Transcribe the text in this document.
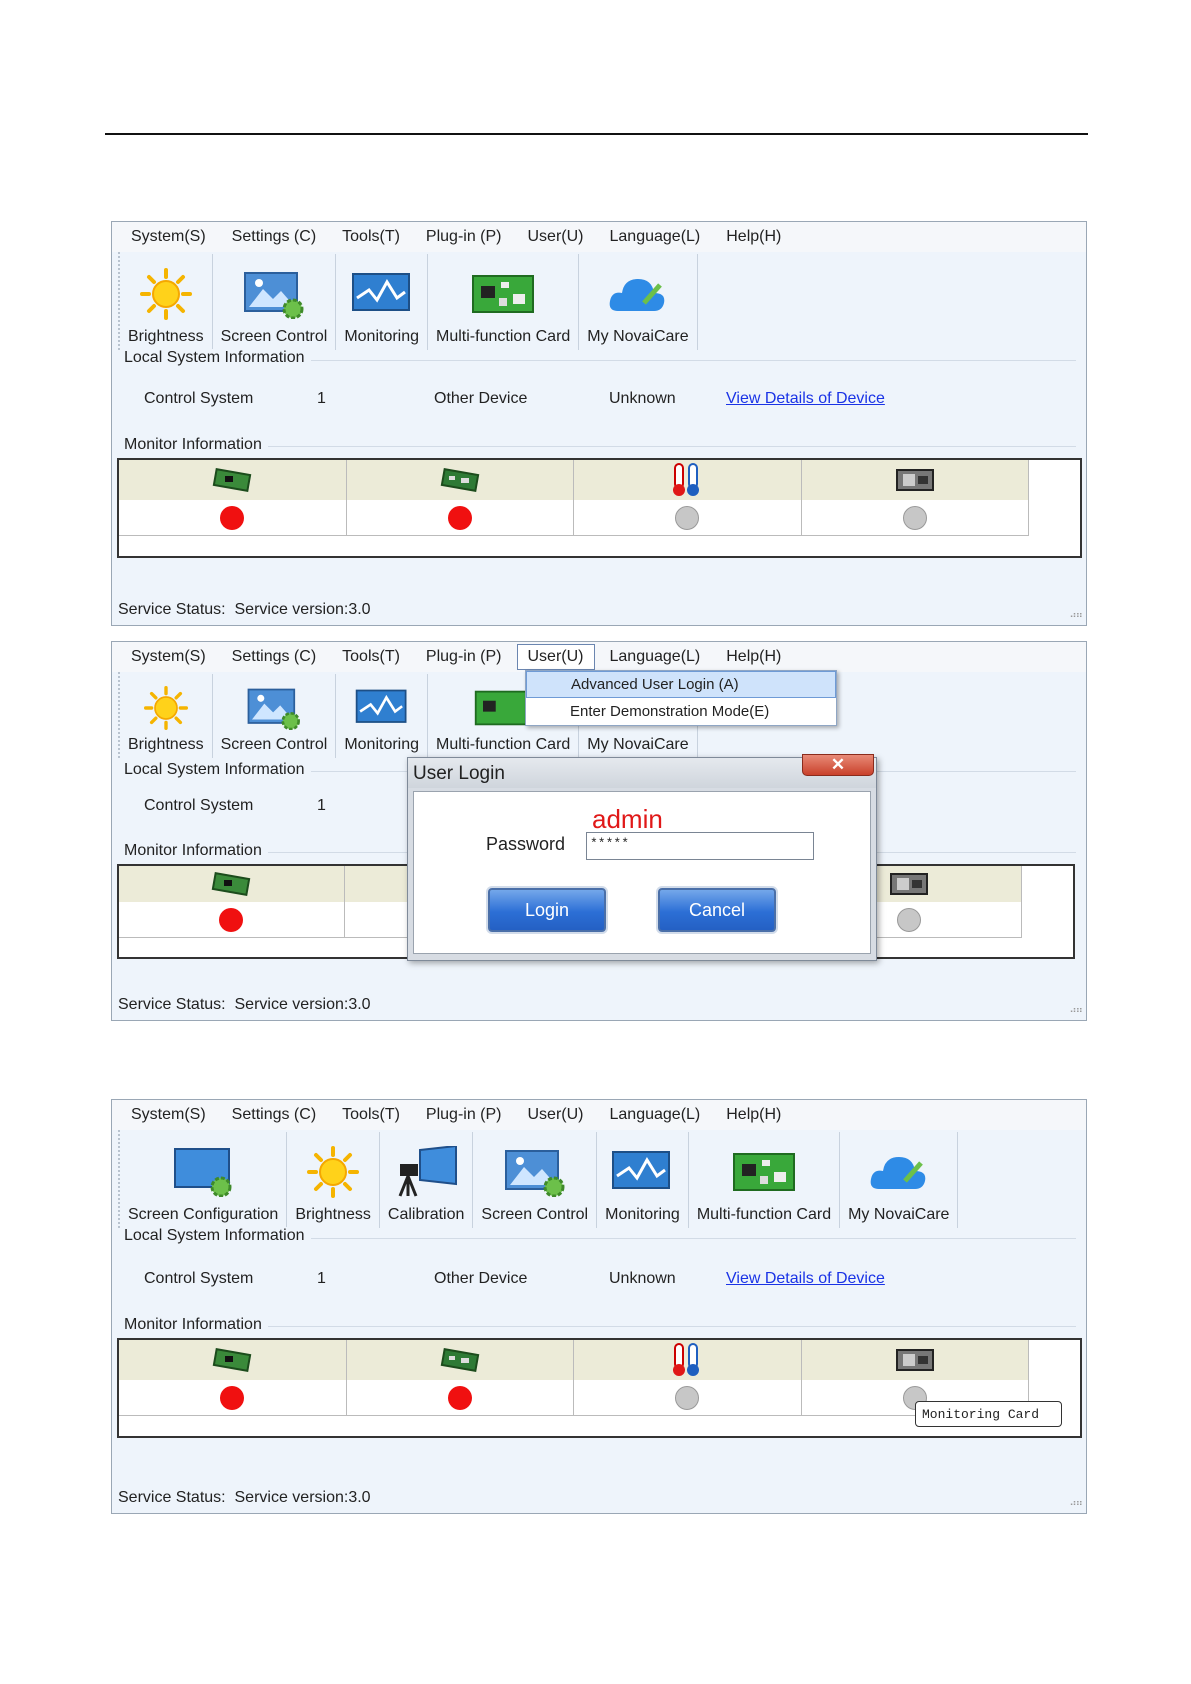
System(S)	Settings (C)	Tools(T)	Plug-in (P)	User(U)	Language(L)	Help(H)
Brightness Screen Control Monitoring Multi-function Card My NovaiCare
Local System Information
Control System	1	Other Device	Unknown	View Details of Device
Monitor Information
Service Status: Service version:3.0	⠴⠶
System(S)	Settings (C)	Tools(T)	Plug-in (P)	User(U)	Language(L)	Help(H)
Advanced User Login (A)
Enter Demonstration Mode(E)
Brightness Screen Control Monitoring Multi-function Card My NovaiCare
Local System Information
Control System	1
Monitor Information
User Login	✕
admin
Password	*****
Login	Cancel
Service Status: Service version:3.0	⠴⠶
System(S)	Settings (C)	Tools(T)	Plug-in (P)	User(U)	Language(L)	Help(H)
Screen Configuration Brightness Calibration Screen Control Monitoring Multi-function Card My NovaiCare
Local System Information
Control System	1	Other Device	Unknown	View Details of Device
Monitor Information
Monitoring Card
Service Status: Service version:3.0	⠴⠶
